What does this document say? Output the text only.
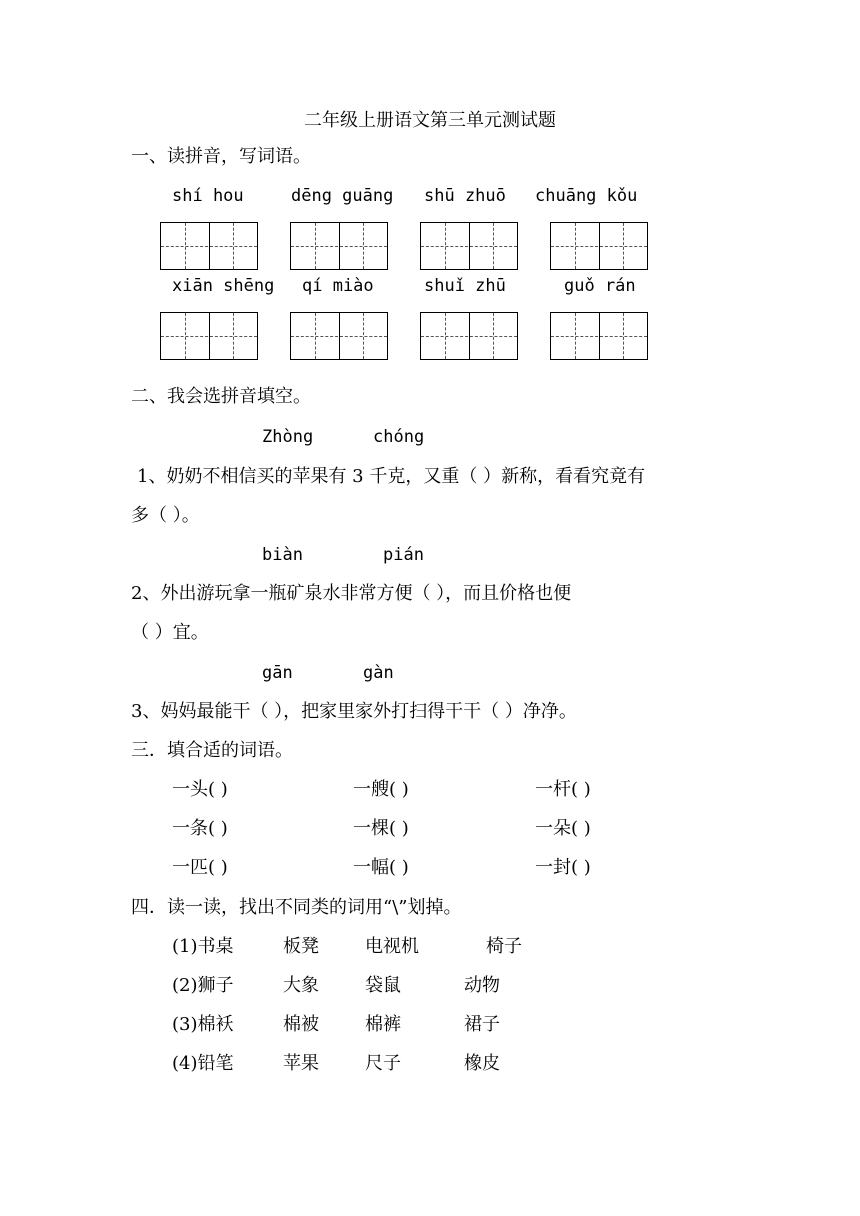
二年级上册语文第三单元测试题
一、读拼音，写词语。
shí hou	dēng guāng shū zhuō chuāng kǒu
xiān shēng qí miào	shuǐ zhū	guǒ rán
二、我会选拼音填空。
Zhòng	chóng
1、奶奶不相信买的苹果有 3 千克，又重（ ）新称，看看究竟有
多（ ）。
biàn	pián
2、外出游玩拿一瓶矿泉水非常方便（ ），而且价格也便
（ ）宜。
gān	gàn
3、妈妈最能干（ ），把家里家外打扫得干干（ ）净净。
三．填合适的词语。
一头( )	一艘( )	一杆( )
一条( )	一棵( )	一朵( )
一匹( )	一幅( )	一封( )
四．读一读，找出不同类的词用“\”划掉。
(1)书桌	板凳	电视机	椅子
(2)狮子	大象	袋鼠	动物
(3)棉袄	棉被	棉裤	裙子
(4)铅笔	苹果	尺子	橡皮
